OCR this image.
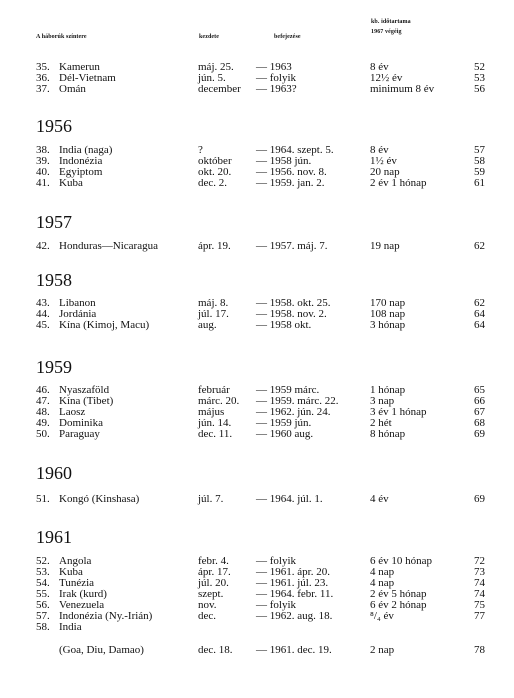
A háborúk színtere	kezdete	befejezése
kb. időtartama
1967 végéig
35. Kamerun	máj. 25. — 1963	8 év	52
36. Dél-Vietnam	jún. 5.	— folyik	12½ év	53
37. Omán	december — 1963?	minimum 8 év	56
1956
38. India (naga)	?	— 1964. szept. 5.	8 év	57
39. Indonézia	október — 1958 jún.	1½ év	58
40. Egyiptom	okt. 20. — 1956. nov. 8.	20 nap	59
41. Kuba	dec. 2.	— 1959. jan. 2.	2 év 1 hónap	61
1957
42. Honduras—Nicaragua	ápr. 19. — 1957. máj. 7.	19 nap	62
1958
43. Libanon	máj. 8.	— 1958. okt. 25.	170 nap	62
44. Jordánia	júl. 17. — 1958. nov. 2.	108 nap	64
45. Kína (Kimoj, Macu)	aug.	— 1958 okt.	3 hónap	64
1959
46. Nyaszaföld	február — 1959 márc.	1 hónap	65
47. Kína (Tibet)	márc. 20. — 1959. márc. 22.	3 nap	66
48. Laosz	május	— 1962. jún. 24.	3 év 1 hónap	67
49. Dominika	jún. 14. — 1959 jún.	2 hét	68
50. Paraguay	dec. 11. — 1960 aug.	8 hónap	69
1960
51. Kongó (Kinshasa)	júl. 7.	— 1964. júl. 1.	4 év	69
1961
52. Angola	febr. 4. — folyik	6 év 10 hónap	72
53. Kuba	ápr. 17. — 1961. ápr. 20.	4 nap	73
54. Tunézia	júl. 20. — 1961. júl. 23.	4 nap	74
55. Irak (kurd)	szept.	— 1964. febr. 11.	2 év 5 hónap	74
56. Venezuela	nov.	— folyik	6 év 2 hónap	75
57. Indonézia (Ny.-Irián)	dec.	— 1962. aug. 18.	⁸/₄ év	77
58. India
(Goa, Diu, Damao)	dec. 18. — 1961. dec. 19.	2 nap	78
